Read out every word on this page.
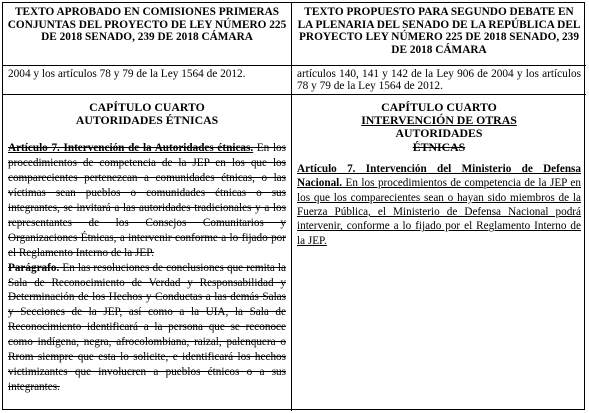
TEXTO APROBADO EN COMISIONES PRIMERAS CONJUNTAS DEL PROYECTO DE LEY NÚMERO 225 DE 2018 SENADO, 239 DE 2018 CÁMARA
TEXTO PROPUESTO PARA SEGUNDO DEBATE EN LA PLENARIA DEL SENADO DE LA REPÚBLICA DEL PROYECTO LEY NÚMERO 225 DE 2018 SENADO, 239 DE 2018 CÁMARA
2004 y los artículos 78 y 79 de la Ley 1564 de 2012.	artículos 140, 141 y 142 de la Ley 906 de 2004 y los artículos 78 y 79 de la Ley 1564 de 2012.
CAPÍTULO CUARTO
AUTORIDADES ÉTNICAS

Artículo 7. Intervención de la Autoridades étnicas. En los procedimientos de competencia de la JEP en los que los comparecientes pertenezcan a comunidades étnicas, o las víctimas sean pueblos o comunidades étnicas o sus integrantes, se invitará a las autoridades tradicionales y a los representantes de los Consejos Comunitarios y Organizaciones Étnicas, a intervenir conforme a lo fijado por el Reglamento Interno de la JEP.

Parágrafo. En las resoluciones de conclusiones que remita la Sala de Reconocimiento de Verdad y Responsabilidad y Determinación de los Hechos y Conductas a las demás Salas y Secciones de la JEP, así como a la UIA, la Sala de Reconocimiento identificará a la persona que se reconoce como indígena, negra, afrocolombiana, raizal, palenquera o Rrom siempre que esta lo solicite, e identificará los hechos victimizantes que involucren a pueblos étnicos o a sus integrantes.

CAPÍTULO CUARTO
INTERVENCIÓN DE OTRAS
AUTORIDADES
ÉTNICAS

Artículo 7. Intervención del Ministerio de Defensa Nacional. En los procedimientos de competencia de la JEP en los que los comparecientes sean o hayan sido miembros de la Fuerza Pública, el Ministerio de Defensa Nacional podrá intervenir, conforme a lo fijado por el Reglamento Interno de la JEP.
